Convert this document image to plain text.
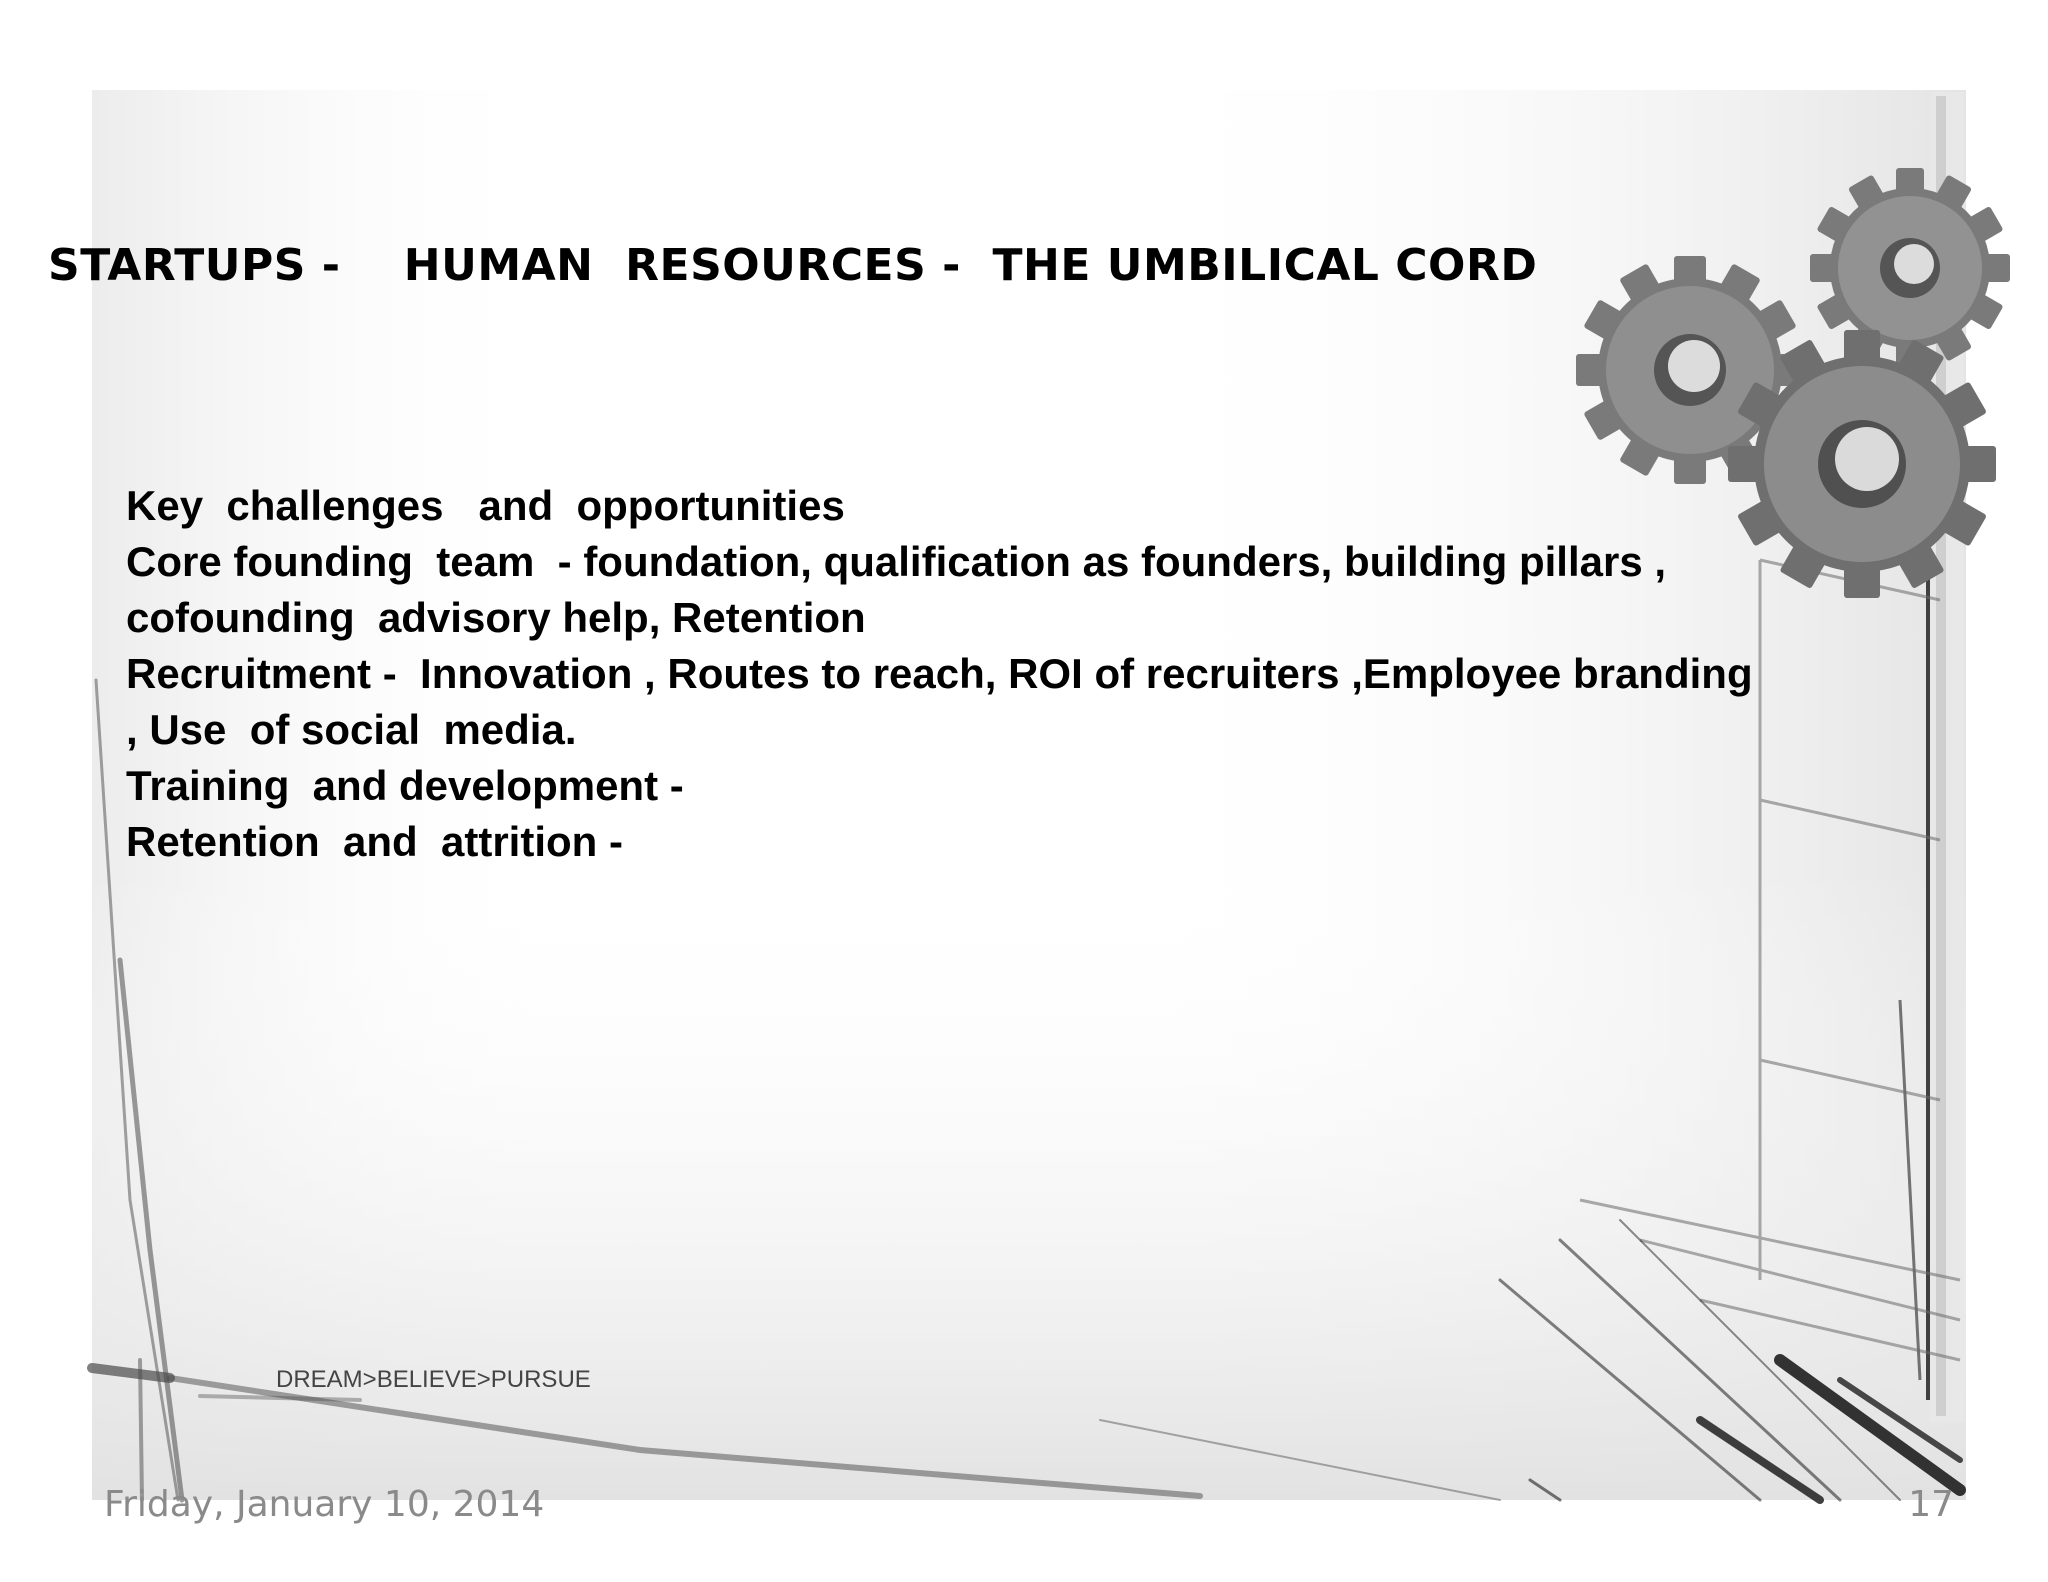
STARTUPS -    HUMAN  RESOURCES -  THE UMBILICAL CORD
Key  challenges   and  opportunities
Core founding  team  - foundation, qualification as founders, building pillars , cofounding  advisory help, Retention
Recruitment -  Innovation , Routes to reach, ROI of recruiters ,Employee branding , Use  of social  media.
Training  and development -
Retention  and  attrition -
DREAM>BELIEVE>PURSUE
Friday, January 10, 2014	17
